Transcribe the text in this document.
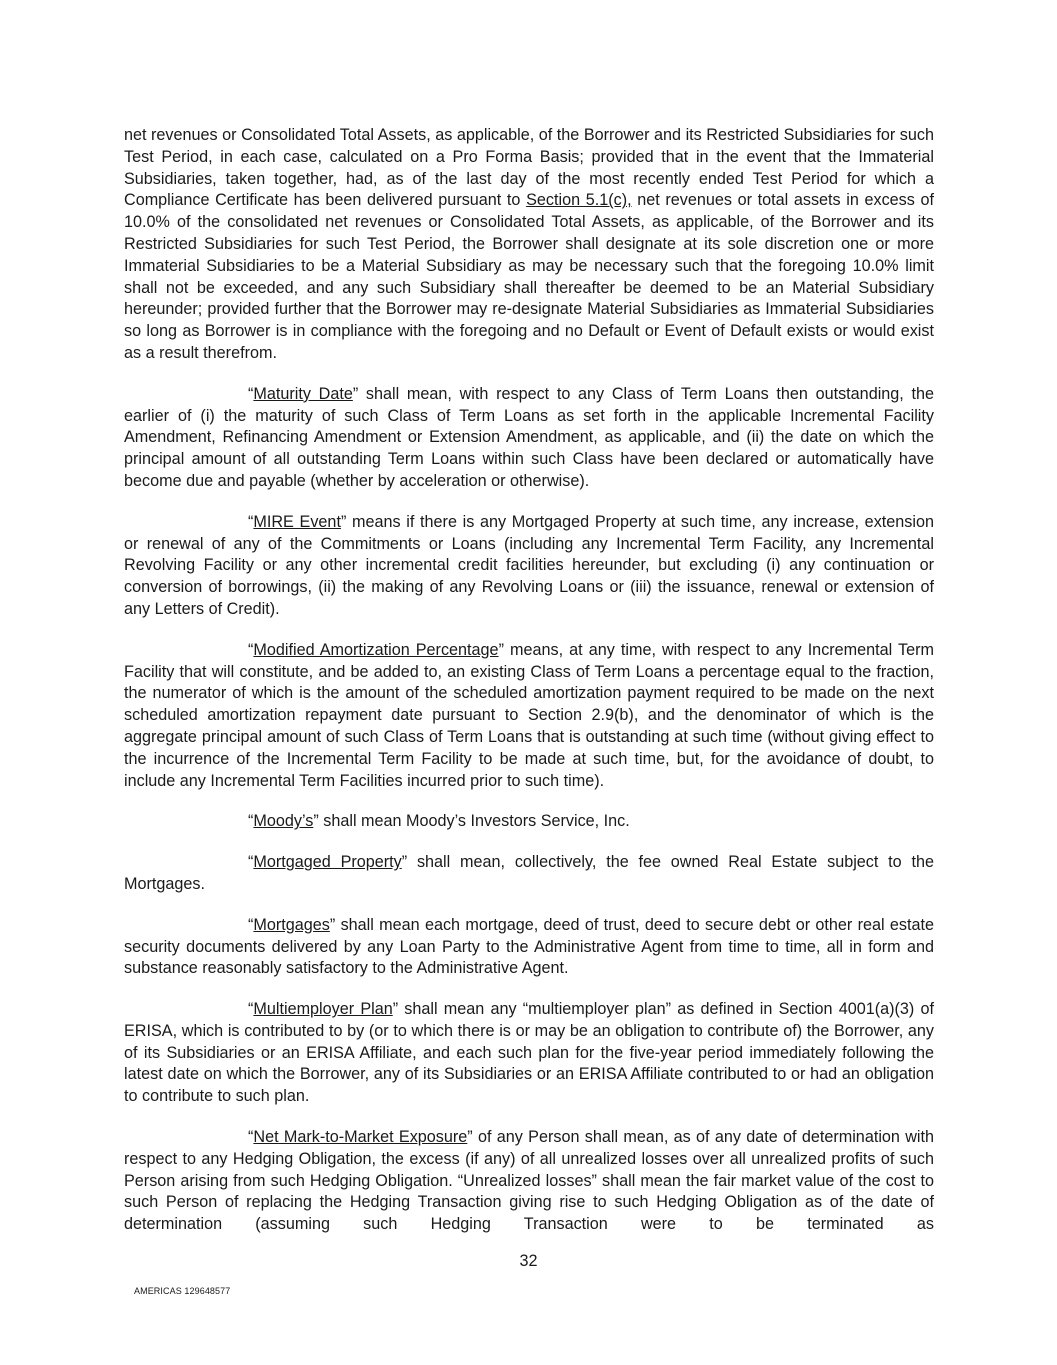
net revenues or Consolidated Total Assets, as applicable, of the Borrower and its Restricted Subsidiaries for such Test Period, in each case, calculated on a Pro Forma Basis; provided that in the event that the Immaterial Subsidiaries, taken together, had, as of the last day of the most recently ended Test Period for which a Compliance Certificate has been delivered pursuant to Section 5.1(c), net revenues or total assets in excess of 10.0% of the consolidated net revenues or Consolidated Total Assets, as applicable, of the Borrower and its Restricted Subsidiaries for such Test Period, the Borrower shall designate at its sole discretion one or more Immaterial Subsidiaries to be a Material Subsidiary as may be necessary such that the foregoing 10.0% limit shall not be exceeded, and any such Subsidiary shall thereafter be deemed to be an Material Subsidiary hereunder; provided further that the Borrower may re-designate Material Subsidiaries as Immaterial Subsidiaries so long as Borrower is in compliance with the foregoing and no Default or Event of Default exists or would exist as a result therefrom.

“Maturity Date” shall mean, with respect to any Class of Term Loans then outstanding, the earlier of (i) the maturity of such Class of Term Loans as set forth in the applicable Incremental Facility Amendment, Refinancing Amendment or Extension Amendment, as applicable, and (ii) the date on which the principal amount of all outstanding Term Loans within such Class have been declared or automatically have become due and payable (whether by acceleration or otherwise).

“MIRE Event” means if there is any Mortgaged Property at such time, any increase, extension or renewal of any of the Commitments or Loans (including any Incremental Term Facility, any Incremental Revolving Facility or any other incremental credit facilities hereunder, but excluding (i) any continuation or conversion of borrowings, (ii) the making of any Revolving Loans or (iii) the issuance, renewal or extension of any Letters of Credit).

“Modified Amortization Percentage” means, at any time, with respect to any Incremental Term Facility that will constitute, and be added to, an existing Class of Term Loans a percentage equal to the fraction, the numerator of which is the amount of the scheduled amortization payment required to be made on the next scheduled amortization repayment date pursuant to Section 2.9(b), and the denominator of which is the aggregate principal amount of such Class of Term Loans that is outstanding at such time (without giving effect to the incurrence of the Incremental Term Facility to be made at such time, but, for the avoidance of doubt, to include any Incremental Term Facilities incurred prior to such time).

“Moody’s” shall mean Moody’s Investors Service, Inc.

“Mortgaged Property” shall mean, collectively, the fee owned Real Estate subject to the

Mortgages.

“Mortgages” shall mean each mortgage, deed of trust, deed to secure debt or other real estate security documents delivered by any Loan Party to the Administrative Agent from time to time, all in form and substance reasonably satisfactory to the Administrative Agent.

“Multiemployer Plan” shall mean any “multiemployer plan” as defined in Section 4001(a)(3) of ERISA, which is contributed to by (or to which there is or may be an obligation to contribute of) the Borrower, any of its Subsidiaries or an ERISA Affiliate, and each such plan for the five-year period immediately following the latest date on which the Borrower, any of its Subsidiaries or an ERISA Affiliate contributed to or had an obligation to contribute to such plan.

“Net Mark-to-Market Exposure” of any Person shall mean, as of any date of determination with respect to any Hedging Obligation, the excess (if any) of all unrealized losses over all unrealized profits of such Person arising from such Hedging Obligation. “Unrealized losses” shall mean the fair market value of the cost to such Person of replacing the Hedging Transaction giving rise to such Hedging Obligation as of the date of determination (assuming such Hedging Transaction were to be terminated as

32
AMERICAS 129648577
